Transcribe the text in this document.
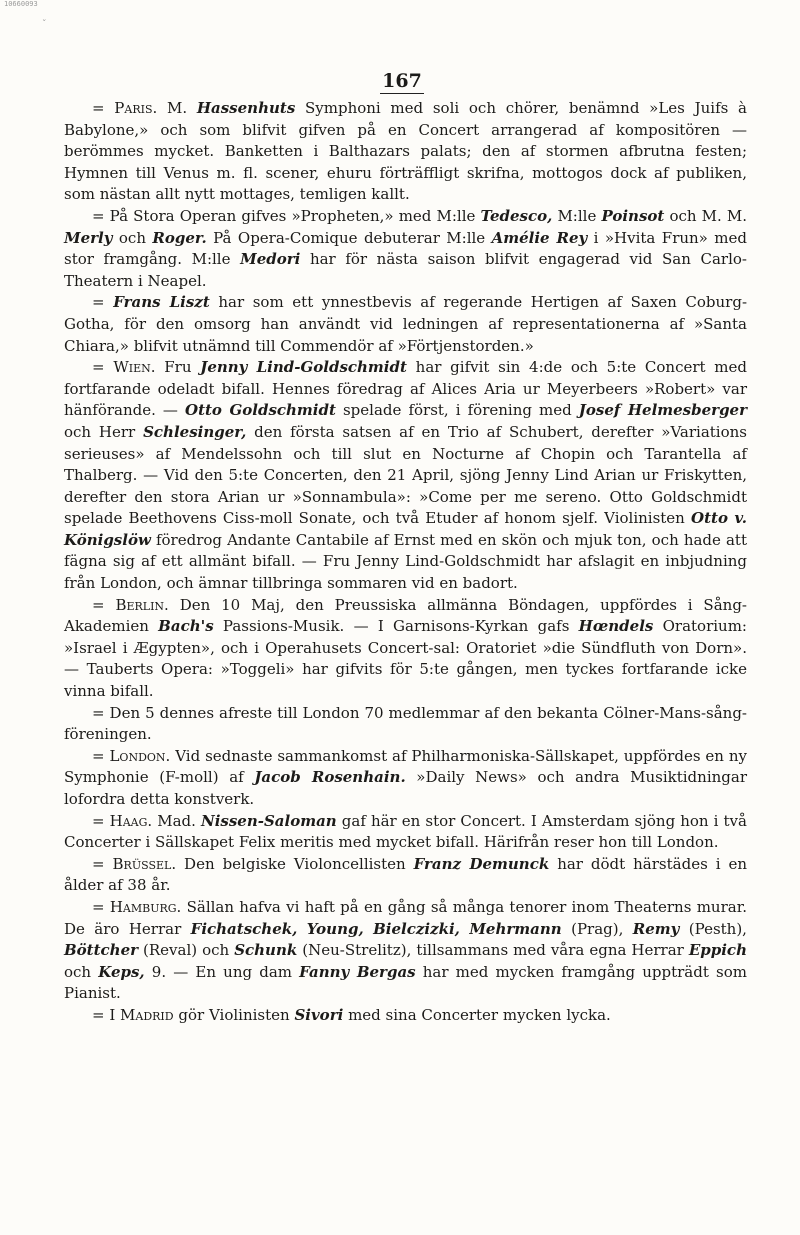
10660093
ˇ
167

= Paris. M. Hassenhuts Symphoni med soli och chörer, benämnd »Les Juifs à Babylone,» och som blifvit gifven på en Concert arrangerad af kompositören — berömmes mycket. Banketten i Balthazars palats; den af stormen afbrutna festen; Hymnen till Venus m. fl. scener, ehuru förträffligt skrifna, mottogos dock af publiken, som nästan allt nytt mottages, temligen kallt.

= På Stora Operan gifves »Propheten,» med M:lle Tedesco, M:lle Poinsot och M. M. Merly och Roger. På Opera-Comique debuterar M:lle Amélie Rey i »Hvita Frun» med stor framgång. M:lle Medori har för nästa saison blifvit engagerad vid San Carlo-Theatern i Neapel.

= Frans Liszt har som ett ynnestbevis af regerande Hertigen af Saxen Coburg-Gotha, för den omsorg han användt vid ledningen af representationerna af »Santa Chiara,» blifvit utnämnd till Commendör af »Förtjenstorden.»

= Wien. Fru Jenny Lind-Goldschmidt har gifvit sin 4:de och 5:te Concert med fortfarande odeladt bifall. Hennes föredrag af Alices Aria ur Meyerbeers »Robert» var hänförande. — Otto Goldschmidt spelade först, i förening med Josef Helmesberger och Herr Schlesinger, den första satsen af en Trio af Schubert, derefter »Variations serieuses» af Mendelssohn och till slut en Nocturne af Chopin och Tarantella af Thalberg. — Vid den 5:te Concerten, den 21 April, sjöng Jenny Lind Arian ur Friskytten, derefter den stora Arian ur »Sonnambula»: »Come per me sereno. Otto Goldschmidt spelade Beethovens Ciss-moll Sonate, och två Etuder af honom sjelf. Violinisten Otto v. Königslöw föredrog Andante Cantabile af Ernst med en skön och mjuk ton, och hade att fägna sig af ett allmänt bifall. — Fru Jenny Lind-Goldschmidt har afslagit en inbjudning från London, och ämnar tillbringa sommaren vid en badort.

= Berlin. Den 10 Maj, den Preussiska allmänna Böndagen, uppfördes i Sång-Akademien Bach's Passions-Musik. — I Garnisons-Kyrkan gafs Hœndels Oratorium: »Israel i Ægypten», och i Operahusets Concert-sal: Oratoriet »die Sündfluth von Dorn». — Tauberts Opera: »Toggeli» har gifvits för 5:te gången, men tyckes fortfarande icke vinna bifall.

= Den 5 dennes afreste till London 70 medlemmar af den bekanta Cölner-Mans-sång-föreningen.

= London. Vid sednaste sammankomst af Philharmoniska-Sällskapet, uppfördes en ny Symphonie (F-moll) af Jacob Rosenhain. »Daily News» och andra Musiktidningar lofordra detta konstverk.

= Haag. Mad. Nissen-Saloman gaf här en stor Concert. I Amsterdam sjöng hon i två Concerter i Sällskapet Felix meritis med mycket bifall. Härifrån reser hon till London.

= Brüssel. Den belgiske Violoncellisten Franz Demunck har dödt härstädes i en ålder af 38 år.

= Hamburg. Sällan hafva vi haft på en gång så många tenorer inom Theaterns murar. De äro Herrar Fichatschek, Young, Bielczizki, Mehrmann (Prag), Remy (Pesth), Böttcher (Reval) och Schunk (Neu-Strelitz), tillsammans med våra egna Herrar Eppich och Keps, 9. — En ung dam Fanny Bergas har med mycken framgång uppträdt som Pianist.

= I Madrid gör Violinisten Sivori med sina Concerter mycken lycka.
